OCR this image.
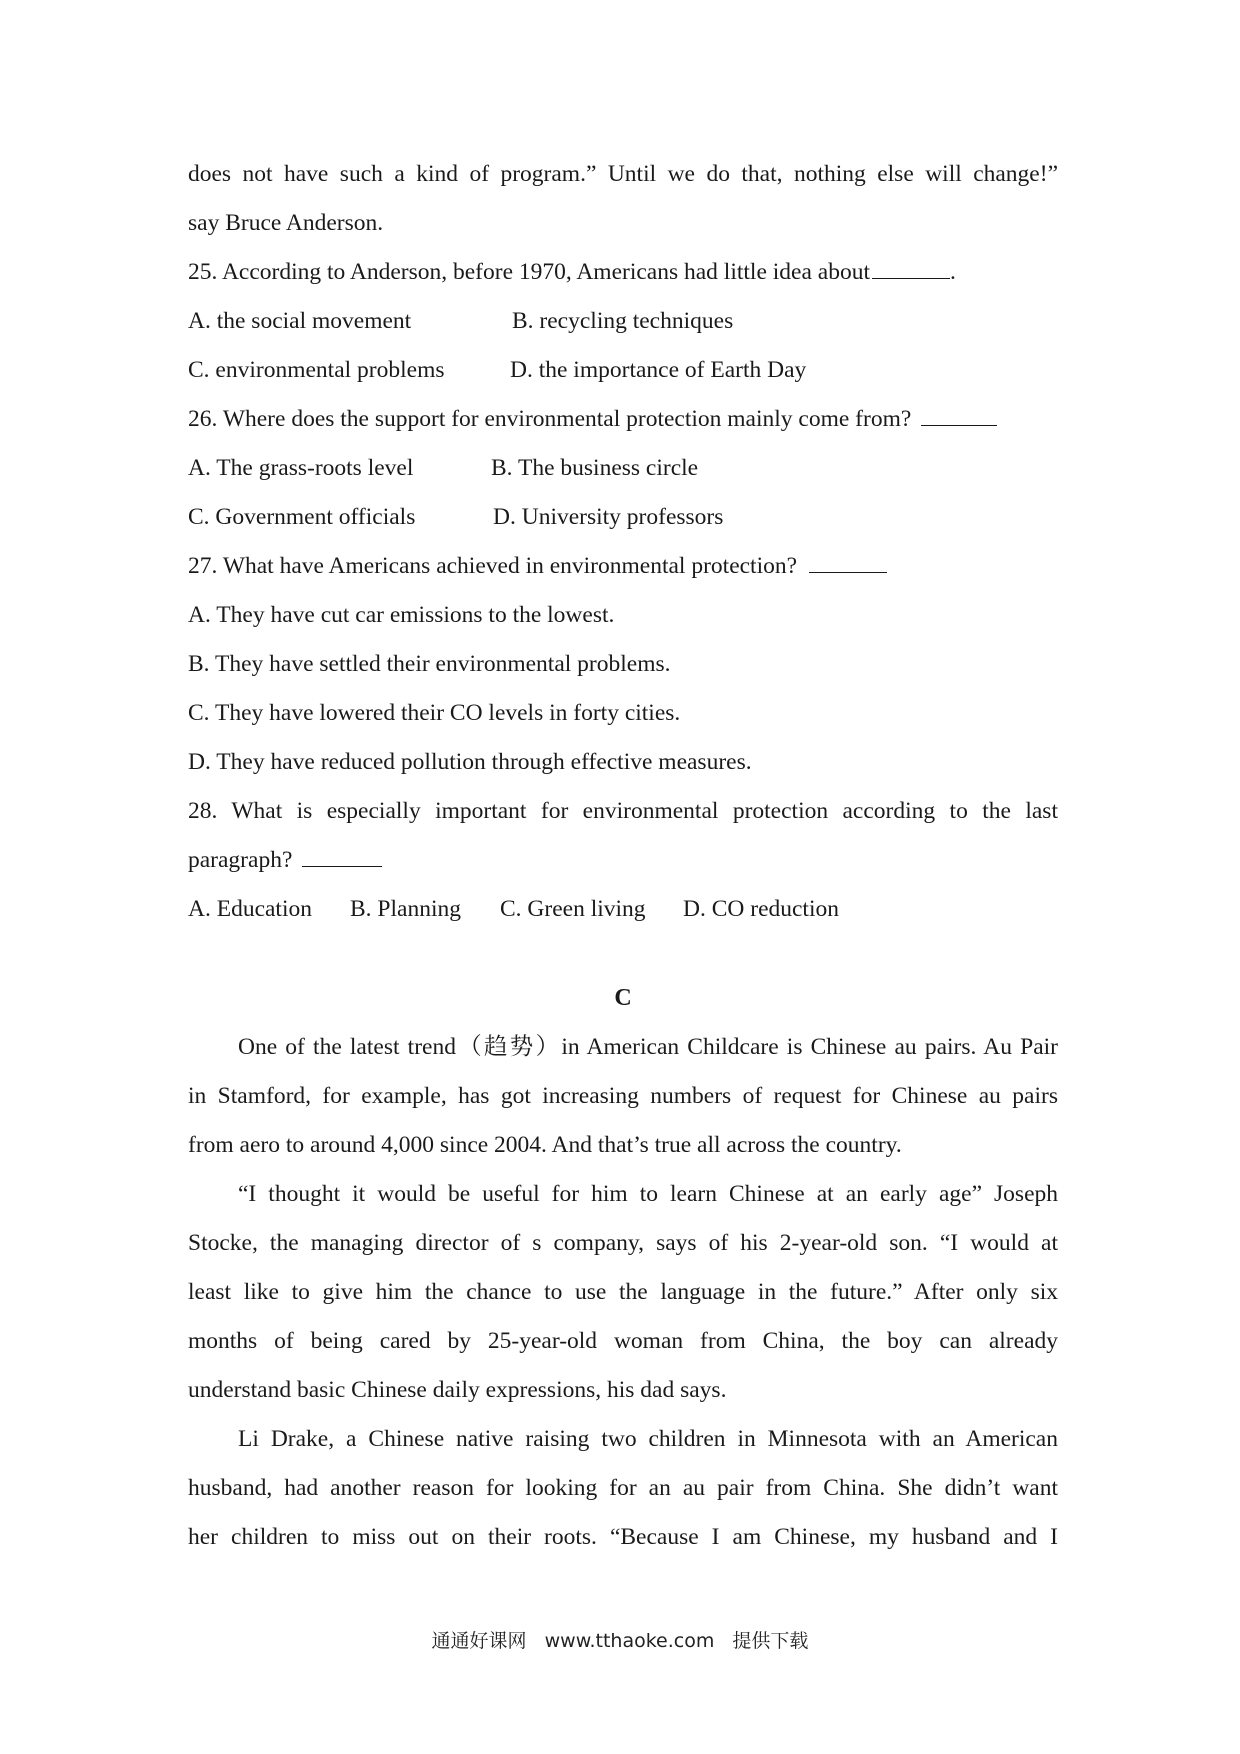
does not have such a kind of program.” Until we do that, nothing else will change!”
say Bruce Anderson.
25. According to Anderson, before 1970, Americans had little idea about	.
A. the social movement	B. recycling techniques
C. environmental problems	D. the importance of Earth Day
26. Where does the support for environmental protection mainly come from?
A. The grass-roots level	B. The business circle
C. Government officials	D. University professors
27. What have Americans achieved in environmental protection?
A. They have cut car emissions to the lowest.
B. They have settled their environmental problems.
C. They have lowered their CO levels in forty cities.
D. They have reduced pollution through effective measures.
28. What is especially important for environmental protection according to the last
paragraph?
A. Education	B. Planning	C. Green living	D. CO reduction
C
One of the latest trend（趋势）in American Childcare is Chinese au pairs. Au Pair
in Stamford, for example, has got increasing numbers of request for Chinese au pairs
from aero to around 4,000 since 2004. And that’s true all across the country.
“I thought it would be useful for him to learn Chinese at an early age” Joseph
Stocke, the managing director of s company, says of his 2-year-old son. “I would at
least like to give him the chance to use the language in the future.” After only six
months of being cared by 25-year-old woman from China, the boy can already
understand basic Chinese daily expressions, his dad says.
Li Drake, a Chinese native raising two children in Minnesota with an American
husband, had another reason for looking for an au pair from China. She didn’t want
her children to miss out on their roots. “Because I am Chinese, my husband and I
通通好课网 www.tthaoke.com 提供下载
